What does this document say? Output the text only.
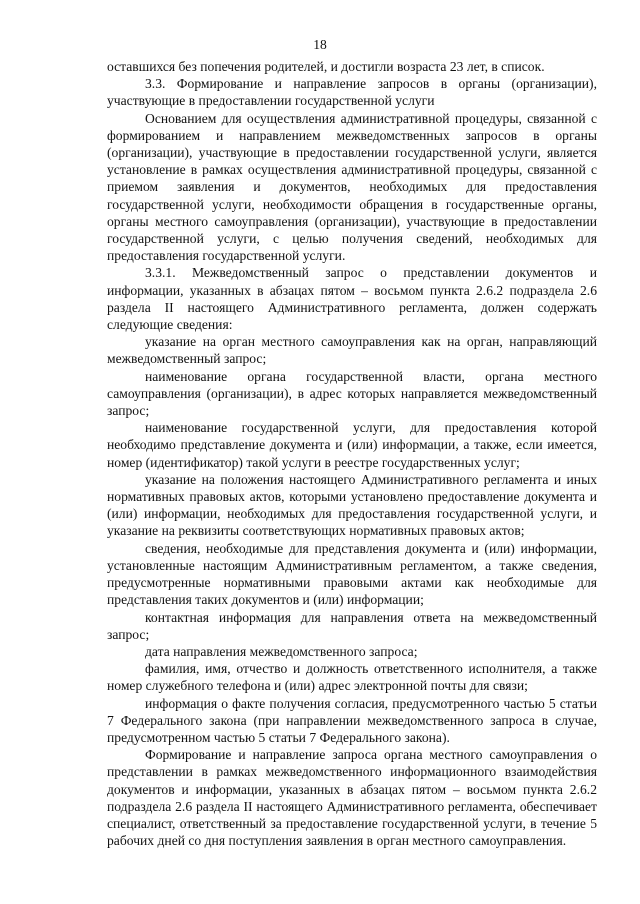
18

оставшихся без попечения родителей, и достигли возраста 23 лет, в список.

3.3. Формирование и направление запросов в органы (организации), участвующие в предоставлении государственной услуги

Основанием для осуществления административной процедуры, связанной с формированием и направлением межведомственных запросов в органы (организации), участвующие в предоставлении государственной услуги, является установление в рамках осуществления административной процедуры, связанной с приемом заявления и документов, необходимых для предоставления государственной услуги, необходимости обращения в государственные органы, органы местного самоуправления (организации), участвующие в предоставлении государственной услуги, с целью получения сведений, необходимых для предоставления государственной услуги.

3.3.1. Межведомственный запрос о представлении документов и информации, указанных в абзацах пятом – восьмом пункта 2.6.2 подраздела 2.6 раздела II настоящего Административного регламента, должен содержать следующие сведения:

указание на орган местного самоуправления как на орган, направляющий межведомственный запрос;

наименование органа государственной власти, органа местного самоуправления (организации), в адрес которых направляется межведомственный запрос;

наименование государственной услуги, для предоставления которой необходимо представление документа и (или) информации, а также, если имеется, номер (идентификатор) такой услуги в реестре государственных услуг;

указание на положения настоящего Административного регламента и иных нормативных правовых актов, которыми установлено предоставление документа и (или) информации, необходимых для предоставления государственной услуги, и указание на реквизиты соответствующих нормативных правовых актов;

сведения, необходимые для представления документа и (или) информации, установленные настоящим Административным регламентом, а также сведения, предусмотренные нормативными правовыми актами как необходимые для представления таких документов и (или) информации;

контактная информация для направления ответа на межведомственный запрос;

дата направления межведомственного запроса;

фамилия, имя, отчество и должность ответственного исполнителя, а также номер служебного телефона и (или) адрес электронной почты для связи;

информация о факте получения согласия, предусмотренного частью 5 статьи 7 Федерального закона (при направлении межведомственного запроса в случае, предусмотренном частью 5 статьи 7 Федерального закона).

Формирование и направление запроса органа местного самоуправления о представлении в рамках межведомственного информационного взаимодействия документов и информации, указанных в абзацах пятом – восьмом пункта 2.6.2 подраздела 2.6 раздела II настоящего Административного регламента, обеспечивает специалист, ответственный за предоставление государственной услуги, в течение 5 рабочих дней со дня поступления заявления в орган местного самоуправления.
